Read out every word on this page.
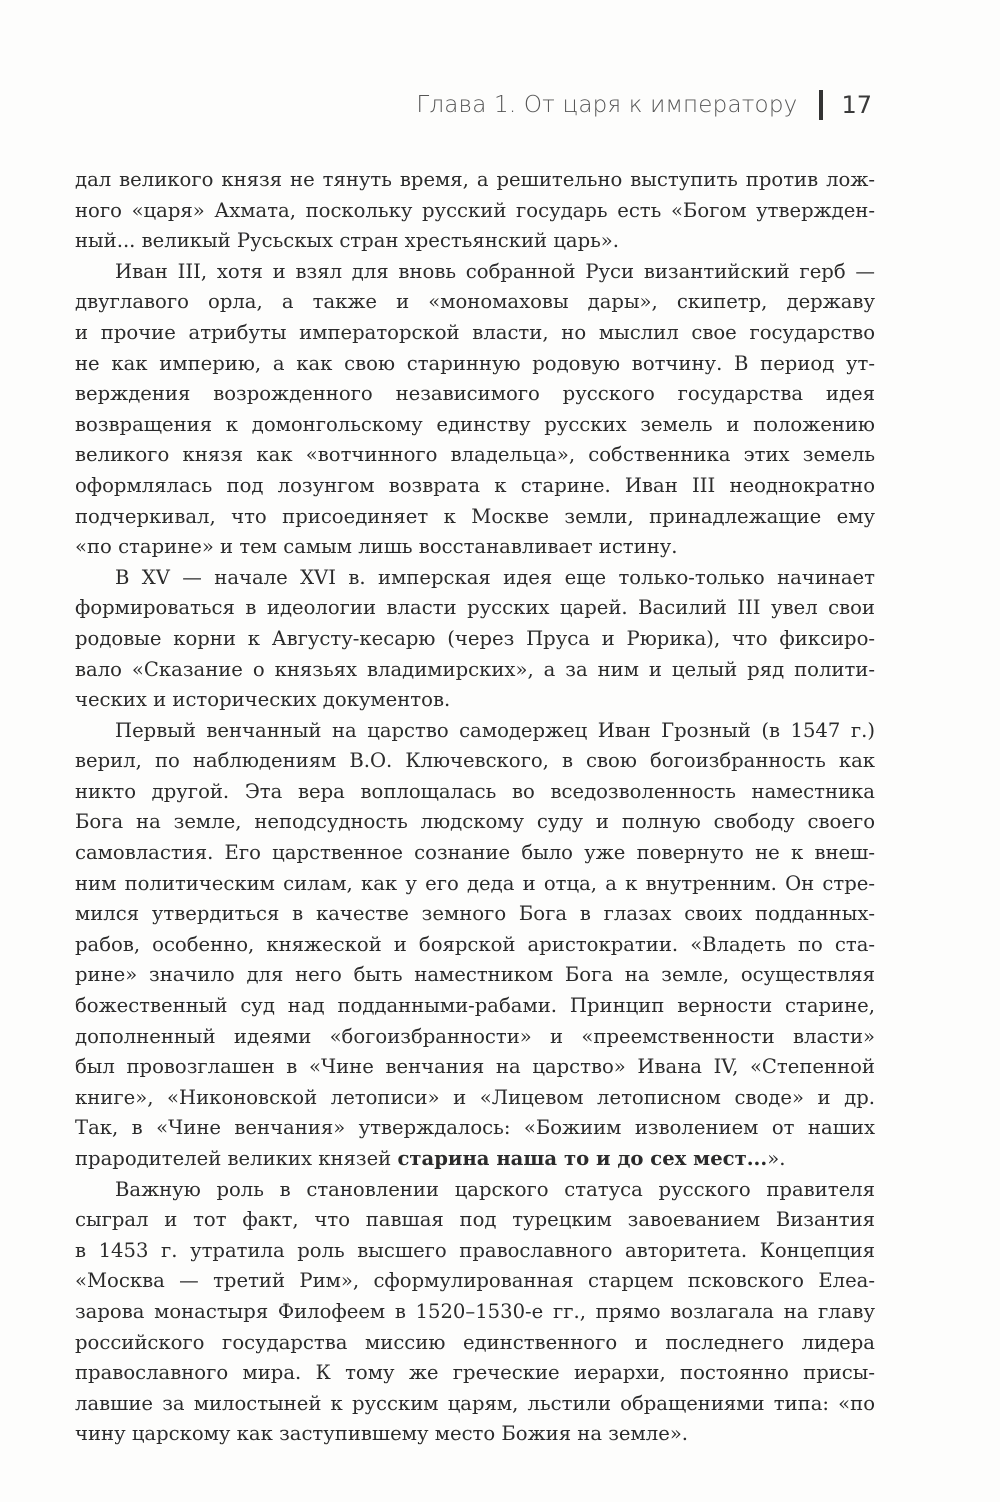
Глава 1. От царя к императору 17
дал великого князя не тянуть время, а решительно выступить против лож-
ного «царя» Ахмата, поскольку русский государь есть «Богом утвержден-
ный... великый Русьскых стран хрестьянский царь».
Иван III, хотя и взял для вновь собранной Руси византийский герб —
двуглавого орла, а также и «мономаховы дары», скипетр, державу
и прочие атрибуты императорской власти, но мыслил свое государство
не как империю, а как свою старинную родовую вотчину. В период ут-
верждения возрожденного независимого русского государства идея
возвращения к домонгольскому единству русских земель и положению
великого князя как «вотчинного владельца», собственника этих земель
оформлялась под лозунгом возврата к старине. Иван III неоднократно
подчеркивал, что присоединяет к Москве земли, принадлежащие ему
«по старине» и тем самым лишь восстанавливает истину.
В XV — начале XVI в. имперская идея еще только-только начинает
формироваться в идеологии власти русских царей. Василий III увел свои
родовые корни к Августу-кесарю (через Пруса и Рюрика), что фиксиро-
вало «Сказание о князьях владимирских», а за ним и целый ряд полити-
ческих и исторических документов.
Первый венчанный на царство самодержец Иван Грозный (в 1547 г.)
верил, по наблюдениям В.О. Ключевского, в свою богоизбранность как
никто другой. Эта вера воплощалась во вседозволенность наместника
Бога на земле, неподсудность людскому суду и полную свободу своего
самовластия. Его царственное сознание было уже повернуто не к внеш-
ним политическим силам, как у его деда и отца, а к внутренним. Он стре-
мился утвердиться в качестве земного Бога в глазах своих подданных-
рабов, особенно, княжеской и боярской аристократии. «Владеть по ста-
рине» значило для него быть наместником Бога на земле, осуществляя
божественный суд над подданными-рабами. Принцип верности старине,
дополненный идеями «богоизбранности» и «преемственности власти»
был провозглашен в «Чине венчания на царство» Ивана IV, «Степенной
книге», «Никоновской летописи» и «Лицевом летописном своде» и др.
Так, в «Чине венчания» утверждалось: «Божиим изволением от наших
прародителей великих князей старина наша то и до сех мест...».
Важную роль в становлении царского статуса русского правителя
сыграл и тот факт, что павшая под турецким завоеванием Византия
в 1453 г. утратила роль высшего православного авторитета. Концепция
«Москва — третий Рим», сформулированная старцем псковского Елеа-
зарова монастыря Филофеем в 1520–1530-е гг., прямо возлагала на главу
российского государства миссию единственного и последнего лидера
православного мира. К тому же греческие иерархи, постоянно присы-
лавшие за милостыней к русским царям, льстили обращениями типа: «по
чину царскому как заступившему место Божия на земле».
